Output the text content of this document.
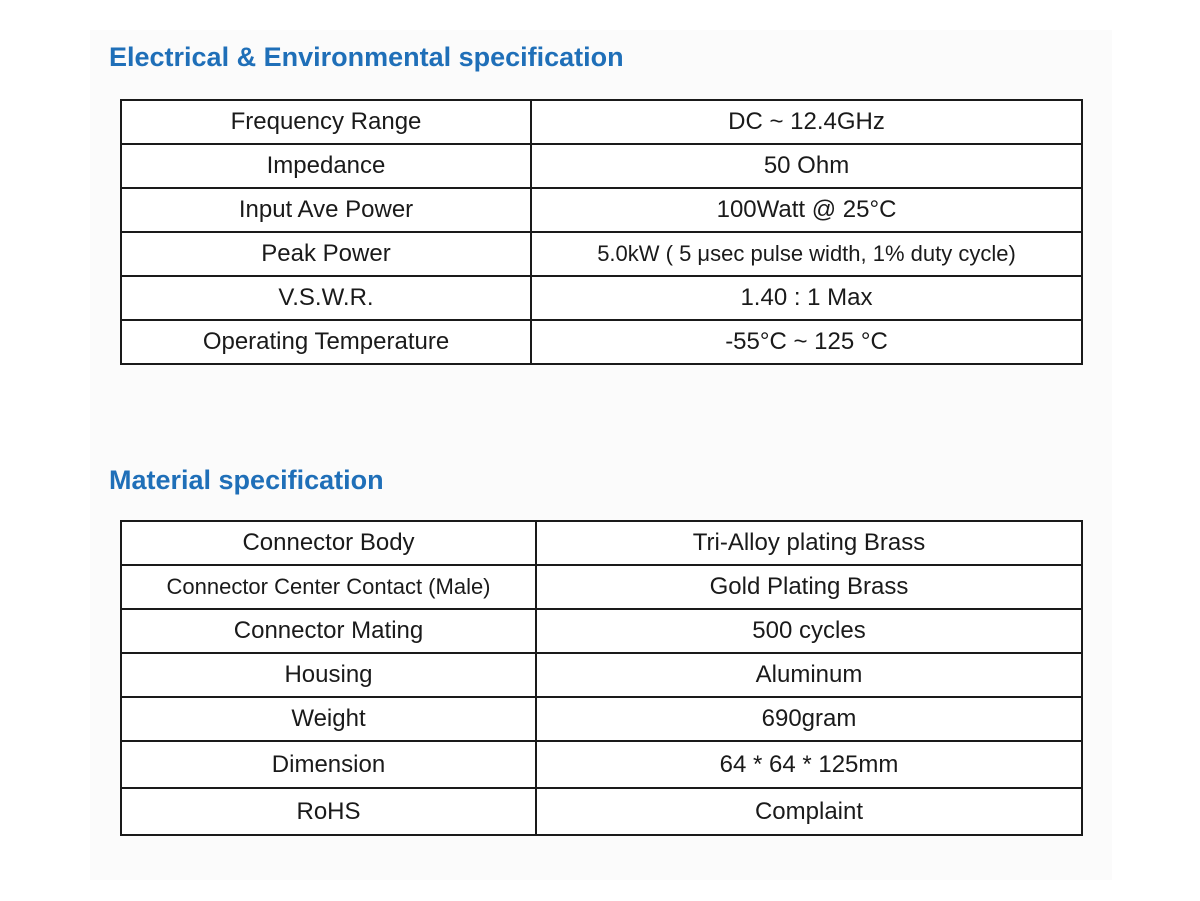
Electrical & Environmental specification
Frequency Range	DC ~ 12.4GHz
Impedance	50 Ohm
Input Ave Power	100Watt @ 25°C
Peak Power	5.0kW ( 5 μsec pulse width, 1% duty cycle)
V.S.W.R.	1.40 : 1 Max
Operating Temperature	-55°C ~ 125 °C
Material specification
Connector Body	Tri-Alloy plating Brass
Connector Center Contact (Male)	Gold Plating Brass
Connector Mating	500 cycles
Housing	Aluminum
Weight	690gram
Dimension	64 * 64 * 125mm
RoHS	Complaint
